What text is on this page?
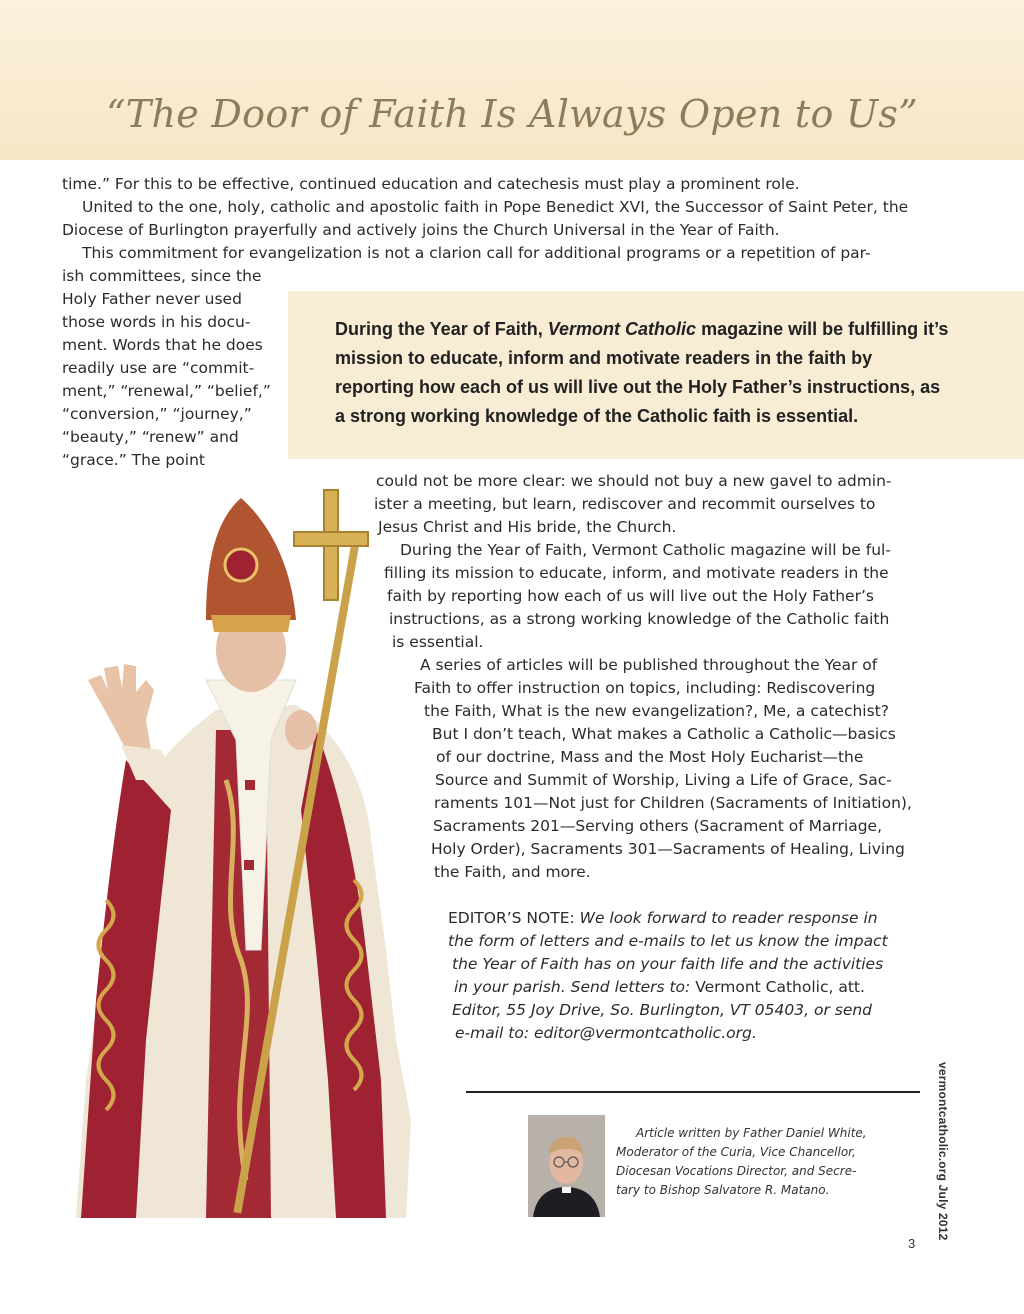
“The Door of Faith Is Always Open to Us”
time.” For this to be effective, continued education and catechesis must play a prominent role.
United to the one, holy, catholic and apostolic faith in Pope Benedict XVI, the Successor of Saint Peter, the
Diocese of Burlington prayerfully and actively joins the Church Universal in the Year of Faith.
This commitment for evangelization is not a clarion call for additional programs or a repetition of par-
ish committees, since the
Holy Father never used
those words in his docu-
ment. Words that he does
readily use are “commit-
ment,” “renewal,” “belief,”
“conversion,” “journey,”
“beauty,” “renew” and
“grace.” The point

During the Year of Faith, Vermont Catholic magazine will be fulfilling it’s mission to educate, inform and motivate readers in the faith by reporting how each of us will live out the Holy Father’s instructions, as a strong working knowledge of the Catholic faith is essential.

could not be more clear: we should not buy a new gavel to admin-
ister a meeting, but learn, rediscover and recommit ourselves to
Jesus Christ and His bride, the Church.
During the Year of Faith, Vermont Catholic magazine will be ful-
filling its mission to educate, inform, and motivate readers in the
faith by reporting how each of us will live out the Holy Father’s
instructions, as a strong working knowledge of the Catholic faith
is essential.
A series of articles will be published throughout the Year of
Faith to offer instruction on topics, including: Rediscovering
the Faith, What is the new evangelization?, Me, a catechist?
But I don’t teach, What makes a Catholic a Catholic—basics
of our doctrine, Mass and the Most Holy Eucharist—the
Source and Summit of Worship, Living a Life of Grace, Sac-
raments 101—Not just for Children (Sacraments of Initiation),
Sacraments 201—Serving others (Sacrament of Marriage,
Holy Order), Sacraments 301—Sacraments of Healing, Living
the Faith, and more.
EDITOR’S NOTE: We look forward to reader response in
the form of letters and e-mails to let us know the impact
the Year of Faith has on your faith life and the activities
in your parish. Send letters to: Vermont Catholic, att.
Editor, 55 Joy Drive, So. Burlington, VT 05403, or send
e-mail to: editor@vermontcatholic.org.
Article written by Father Daniel White,
Moderator of the Curia, Vice Chancellor,
Diocesan Vocations Director, and Secre-
tary to Bishop Salvatore R. Matano.	vermontcatholic.org July 2012
3
